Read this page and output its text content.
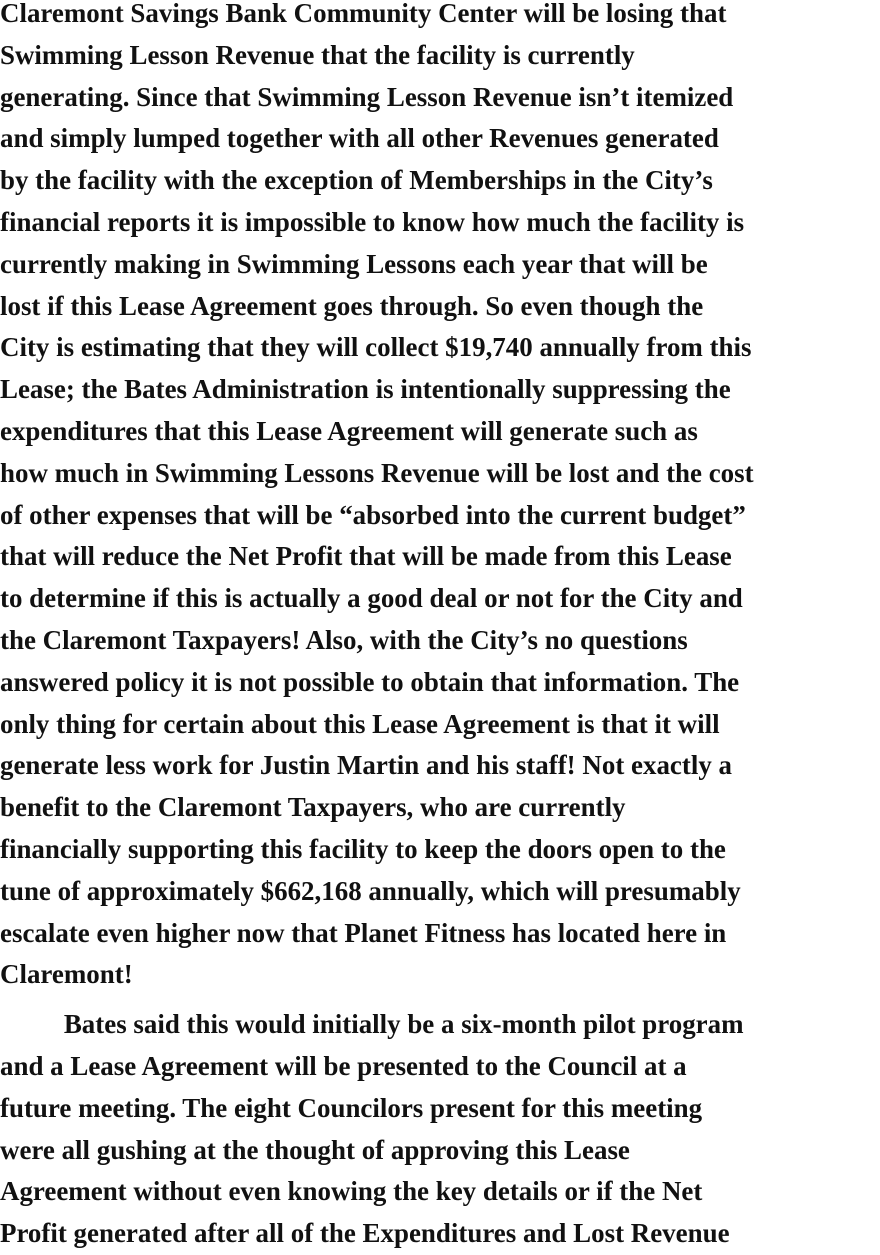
Claremont Savings Bank Community Center will be losing that
Swimming Lesson Revenue that the facility is currently
generating. Since that Swimming Lesson Revenue isn’t itemized
and simply lumped together with all other Revenues generated
by the facility with the exception of Memberships in the City’s
financial reports it is impossible to know how much the facility is
currently making in Swimming Lessons each year that will be
lost if this Lease Agreement goes through. So even though the
City is estimating that they will collect $19,740 annually from this
Lease; the Bates Administration is intentionally suppressing the
expenditures that this Lease Agreement will generate such as
how much in Swimming Lessons Revenue will be lost and the cost
of other expenses that will be “absorbed into the current budget”
that will reduce the Net Profit that will be made from this Lease
to determine if this is actually a good deal or not for the City and
the Claremont Taxpayers! Also, with the City’s no questions
answered policy it is not possible to obtain that information. The
only thing for certain about this Lease Agreement is that it will
generate less work for Justin Martin and his staff! Not exactly a
benefit to the Claremont Taxpayers, who are currently
financially supporting this facility to keep the doors open to the
tune of approximately $662,168 annually, which will presumably
escalate even higher now that Planet Fitness has located here in
Claremont!
Bates said this would initially be a six-month pilot program
and a Lease Agreement will be presented to the Council at a
future meeting. The eight Councilors present for this meeting
were all gushing at the thought of approving this Lease
Agreement without even knowing the key details or if the Net
Profit generated after all of the Expenditures and Lost Revenue
